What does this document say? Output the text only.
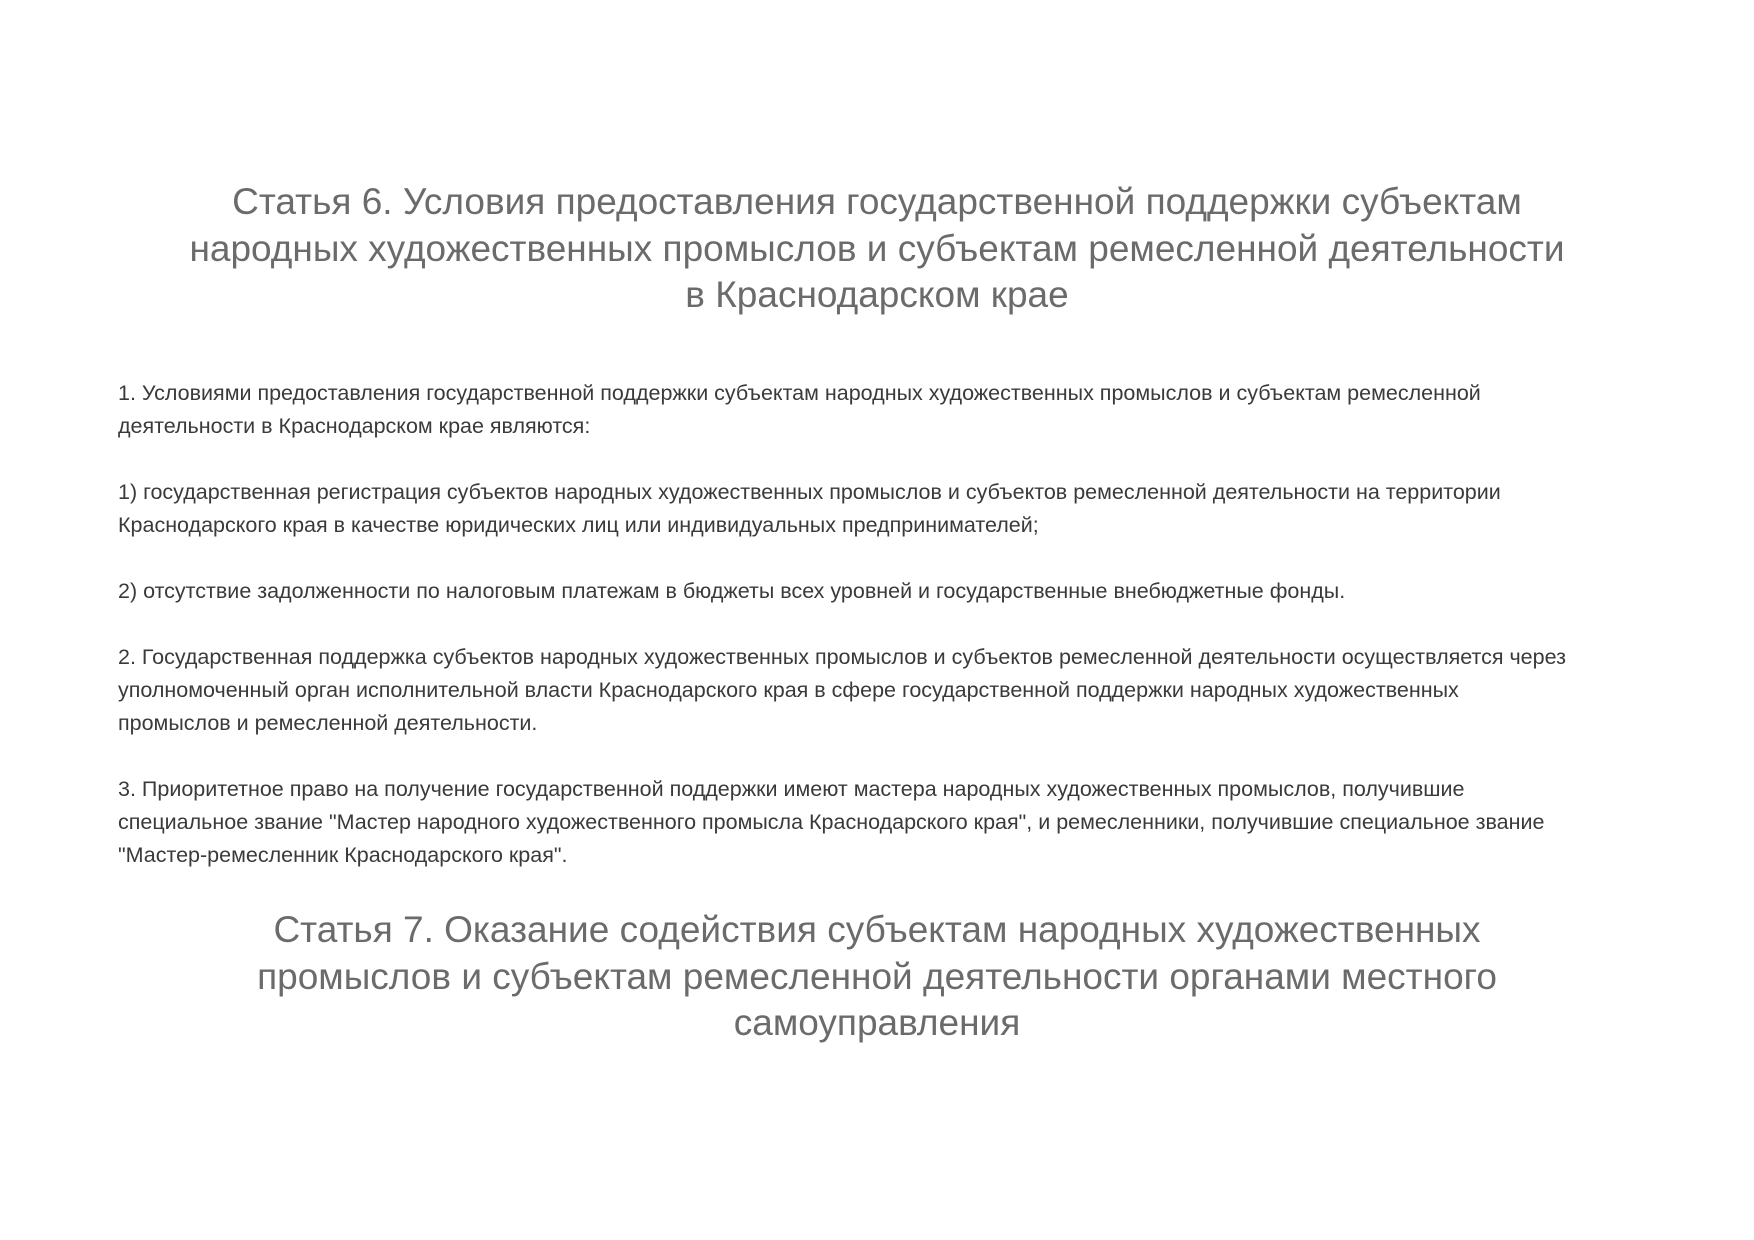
Статья 6. Условия предоставления государственной поддержки субъектам
народных художественных промыслов и субъектам ремесленной деятельности
в Краснодарском крае
1. Условиями предоставления государственной поддержки субъектам народных художественных промыслов и субъектам ремесленной
деятельности в Краснодарском крае являются:
1) государственная регистрация субъектов народных художественных промыслов и субъектов ремесленной деятельности на территории
Краснодарского края в качестве юридических лиц или индивидуальных предпринимателей;
2) отсутствие задолженности по налоговым платежам в бюджеты всех уровней и государственные внебюджетные фонды.
2. Государственная поддержка субъектов народных художественных промыслов и субъектов ремесленной деятельности осуществляется через
уполномоченный орган исполнительной власти Краснодарского края в сфере государственной поддержки народных художественных
промыслов и ремесленной деятельности.
3. Приоритетное право на получение государственной поддержки имеют мастера народных художественных промыслов, получившие
специальное звание "Мастер народного художественного промысла Краснодарского края", и ремесленники, получившие специальное звание
"Мастер-ремесленник Краснодарского края".
Статья 7. Оказание содействия субъектам народных художественных
промыслов и субъектам ремесленной деятельности органами местного
самоуправления
